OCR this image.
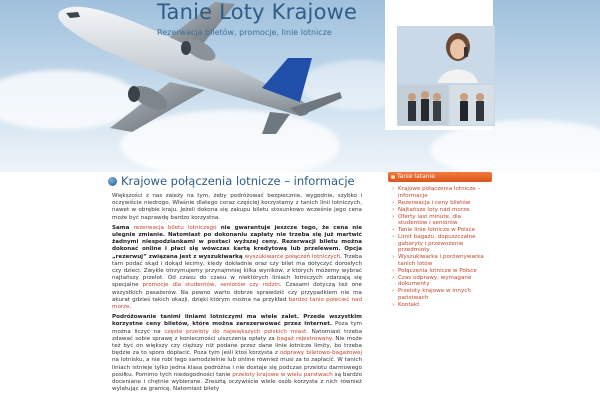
Tanie Loty Krajowe
Rezerwacja biletów, promocje, linie lotnicze
Krajowe połączenia lotnicze – informacje

Większości z nas zależy na tym, żeby podróżować bezpiecznie, wygodnie, szybko i oczywiście niedrogo. Właśnie dlatego coraz częściej korzystamy z tanich linii lotniczych, nawet w obrębie kraju. Jeżeli dokona się zakupu biletu stosunkowo wcześnie jego cena może być naprawdę bardzo korzystna.

Sama rezerwacja biletu lotniczego nie gwarantuje jeszcze tego, że cena nie ulegnie zmianie. Natomiast po dokonaniu zapłaty nie trzeba się już martwić żadnymi niespodziankami w postaci wyższej ceny. Rezerwacji biletu można dokonać online i płaci się wówczas kartą kredytową lub przelewem. Opcja „rezerwuj” związana jest z wyszukiwarką wyszukiwarce połączeń lotniczych. Trzeba tam podać skąd i dokąd lecimy, kiedy dokładnie oraz czy bilet ma dotyczyć dorosłych czy dzieci. Zwykle otrzymujemy przynajmniej kilka wyników, z których możemy wybrać najtańszy przelot. Od czasu do czasu w niektórych liniach lotniczych zdarzają się specjalne promocje dla studentów, seniorów czy rodzin. Czasami dotyczą też one wszystkich pasażerów. Na pewno warto dobrze sprawdzić czy przypadkiem nie ma akurat gdzieś takich okazji, dzięki którym można na przykład bardzo tanio polecieć nad morze.

Podróżowanie tanimi liniami lotniczymi ma wiele zalet. Przede wszystkim korzystne ceny biletów, które można zarezerwować przez internet. Poza tym można liczyć na częste przeloty do największych polskich miast. Natomiast trzeba zdawać sobie sprawę z konieczności uiszczenia opłaty za bagaż rejestrowany. Nie może też być on większy czy cięższy niż podane przez dane linie lotnicze limity, bo trzeba będzie za to sporo dopłacić. Poza tym jeśli ktoś korzysta z odprawy biletowo-bagażowej na lotnisku, a nie robi tego samodzielnie lub online również musi za to zapłacić. W tanich liniach istnieje tylko jedna klasa podróżna i nie dostaje się podczas przelotu darmowego posiłku. Pomimo tych niedogodności tanie przeloty krajowe w wielu parstwach są bardzo doceniane i chętnie wybierane. Zresztą oczywiście wiele osób korzysta z nich również wylatując za granicę. Natomiast bilety

Tanie latanie
› Krajowe połączenia lotnicze – informacje
› Rezerwacja i ceny biletów
› Najtańsze loty nad morze
› Oferty last minute, dla studentów i seniorów
› Tanie linie lotnicze w Polsce
› Limit bagażu, dopuszczalne gabaryty i przewożenie przedmioty
› Wyszukiwarka i porównywarka tanich lotów
› Połączenia lotnicze w Polsce
› Czas odprawy, wymagane dokumenty
› Przeloty krajowe w innych państwach
› Kontakt
